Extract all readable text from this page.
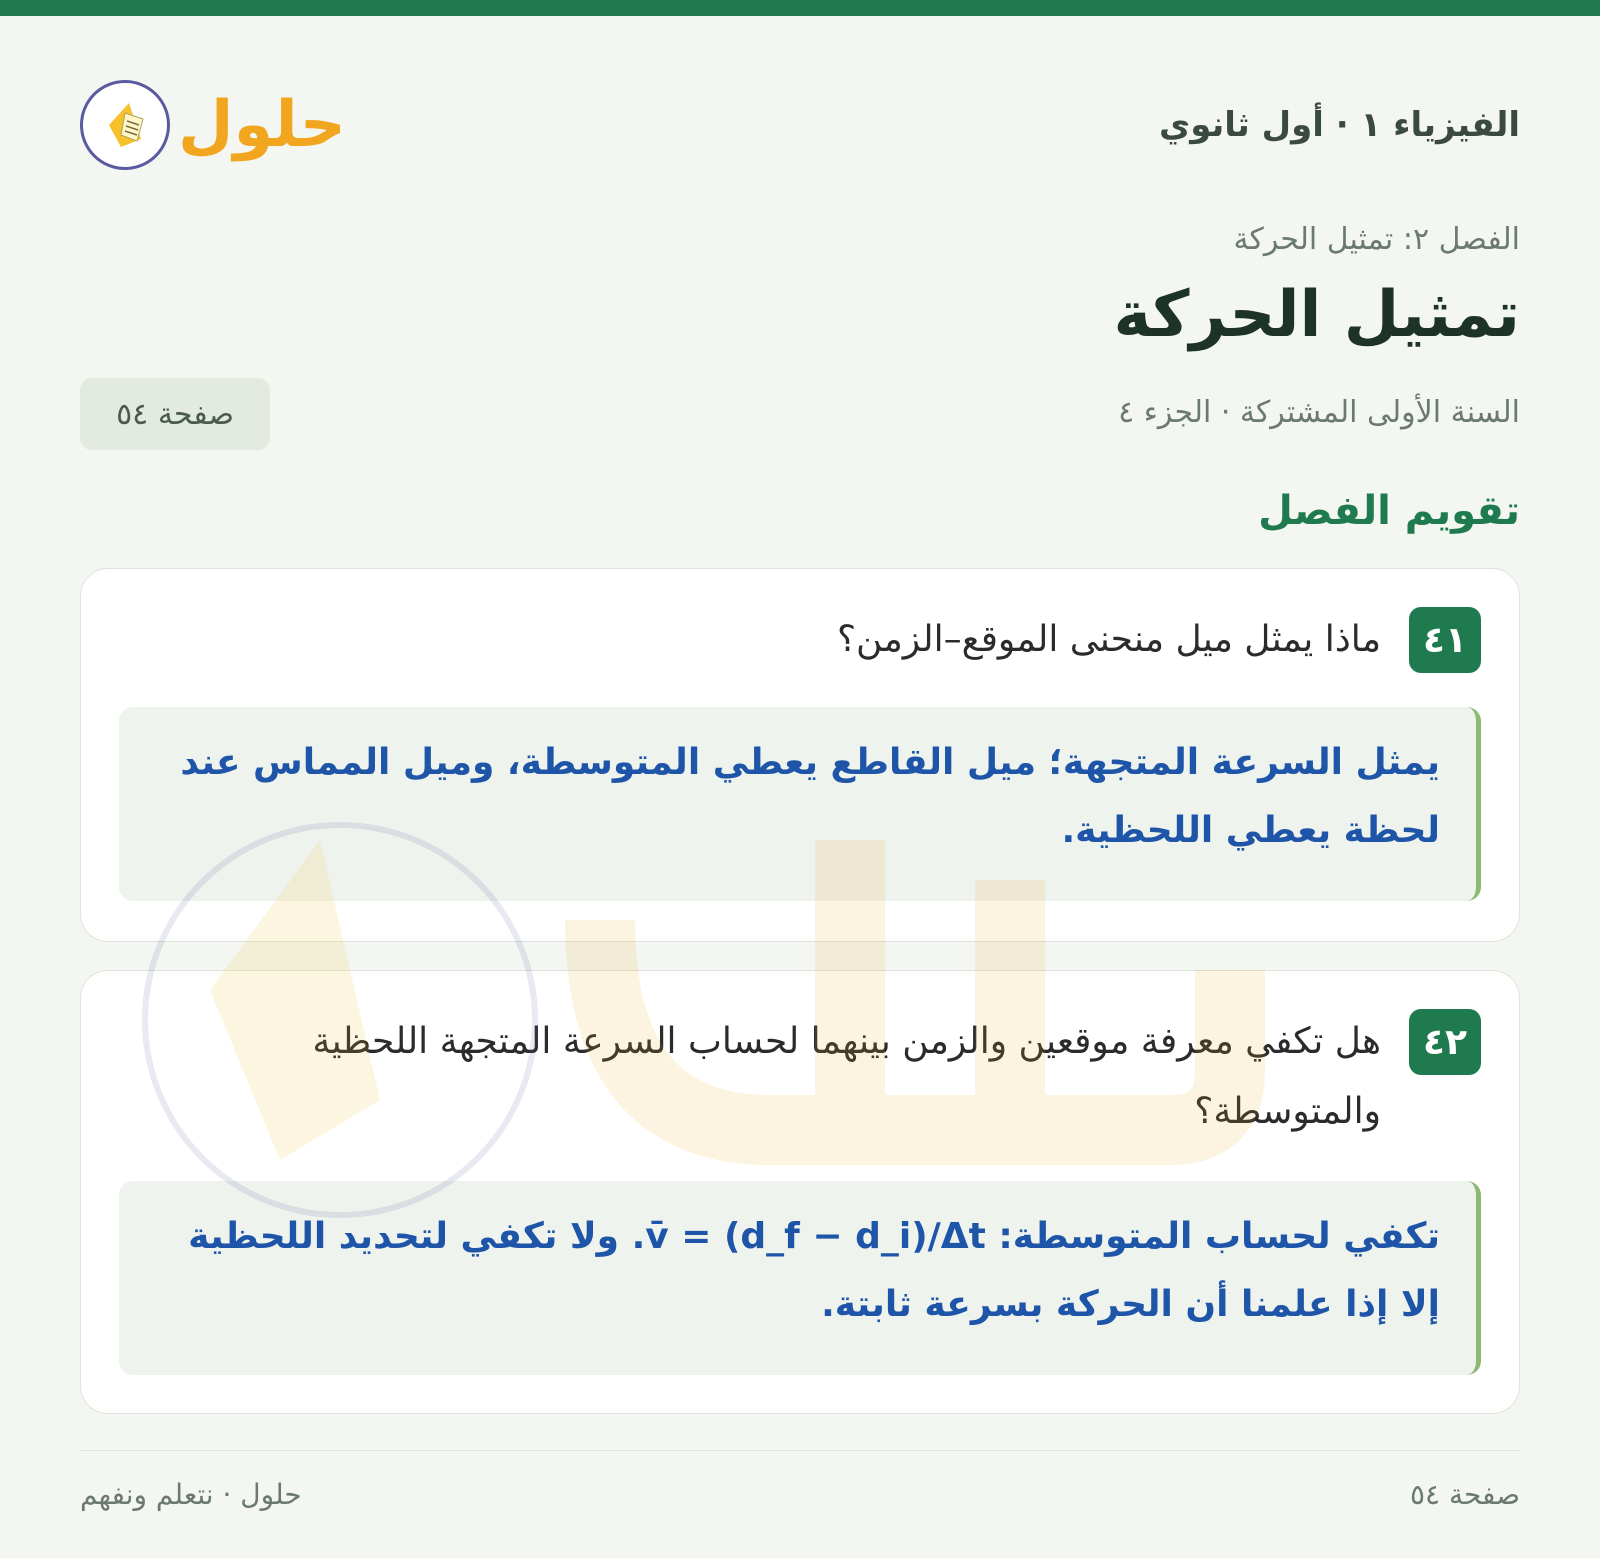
الفيزياء ١ · أول ثانوي
حلول
الفصل ٢: تمثيل الحركة
تمثيل الحركة
السنة الأولى المشتركة · الجزء ٤
صفحة ٥٤
تقويم الفصل
٤١
ماذا يمثل ميل منحنى الموقع–الزمن؟
يمثل السرعة المتجهة؛ ميل القاطع يعطي المتوسطة، وميل المماس عند لحظة يعطي اللحظية.
٤٢
هل تكفي معرفة موقعين والزمن بينهما لحساب السرعة المتجهة اللحظية والمتوسطة؟
تكفي لحساب المتوسطة: v̄ = (d_f − d_i)/Δt. ولا تكفي لتحديد اللحظية إلا إذا علمنا أن الحركة بسرعة ثابتة.
صفحة ٥٤
حلول · نتعلم ونفهم
